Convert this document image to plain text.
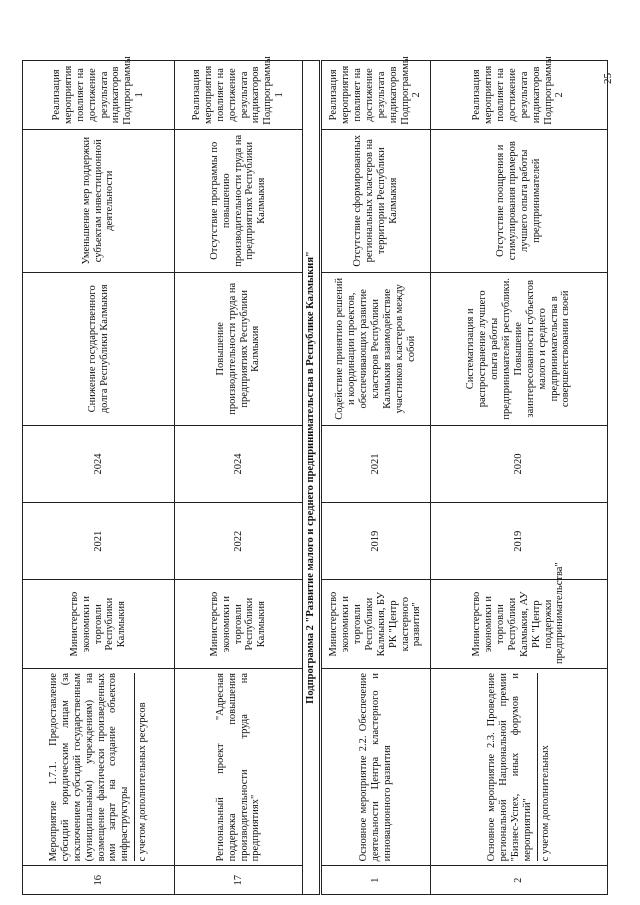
25
16	Мероприятие 1.7.1. Предоставление субсидий юридическим лицам (за исключением субсидий государственным (муниципальным) учреждениям) на возмещение фактически произведенных ими затрат на создание объектов инфраструктуры с учетом дополнительных ресурсов	Министерство экономики и торговли Республики Калмыкия	2021	2024	Снижение государственного долга Республики Калмыкия	Уменьшение мер поддержки субъектам инвестиционной деятельности	Реализация мероприятия повлияет на достижение результата индикаторов Подпрограммы 1
17	Региональный проект "Адресная поддержка повышения производительности труда на предприятиях"	Министерство экономики и торговли Республики Калмыкия	2022	2024	Повышение производительности труда на предприятиях Республики Калмыкия	Отсутствие программы по повышению производительности труда на предприятиях Республики Калмыкия	Реализация мероприятия повлияет на достижение результата индикаторов Подпрограммы 1
Подпрограмма 2 "Развитие малого и среднего предпринимательства в Республике Калмыкия"							
1	Основное мероприятие 2.2. Обеспечение деятельности Центра кластерного и инновационного развития	Министерство экономики и торговли Республики Калмыкия, БУ РК "Центр кластерного развития"	2019	2021	Содействие принятию решений и координации проектов, обеспечивающих развитие кластеров Республики Калмыкия взаимодействие участников кластеров между собой	Отсутствие сформированных региональных кластеров на территории Республики Калмыкия	Реализация мероприятия повлияет на достижение результата индикаторов Подпрограммы 2
2	Основное мероприятие 2.3. Проведение региональной Национальной премии "Бизнес-Успех, иных форумов и мероприятий" с учетом дополнительных	Министерство экономики и торговли Республики Калмыкия, АУ РК "Центр поддержки предпринимательства"	2019	2020	Систематизация и распространение лучшего опыта работы предпринимателей республики. Повышение заинтересованности субъектов малого и среднего предпринимательства в совершенствовании своей	Отсутствие поощрения и стимулирования примеров лучшего опыта работы предпринимателей	Реализация мероприятия повлияет на достижение результата индикаторов Подпрограммы 2
